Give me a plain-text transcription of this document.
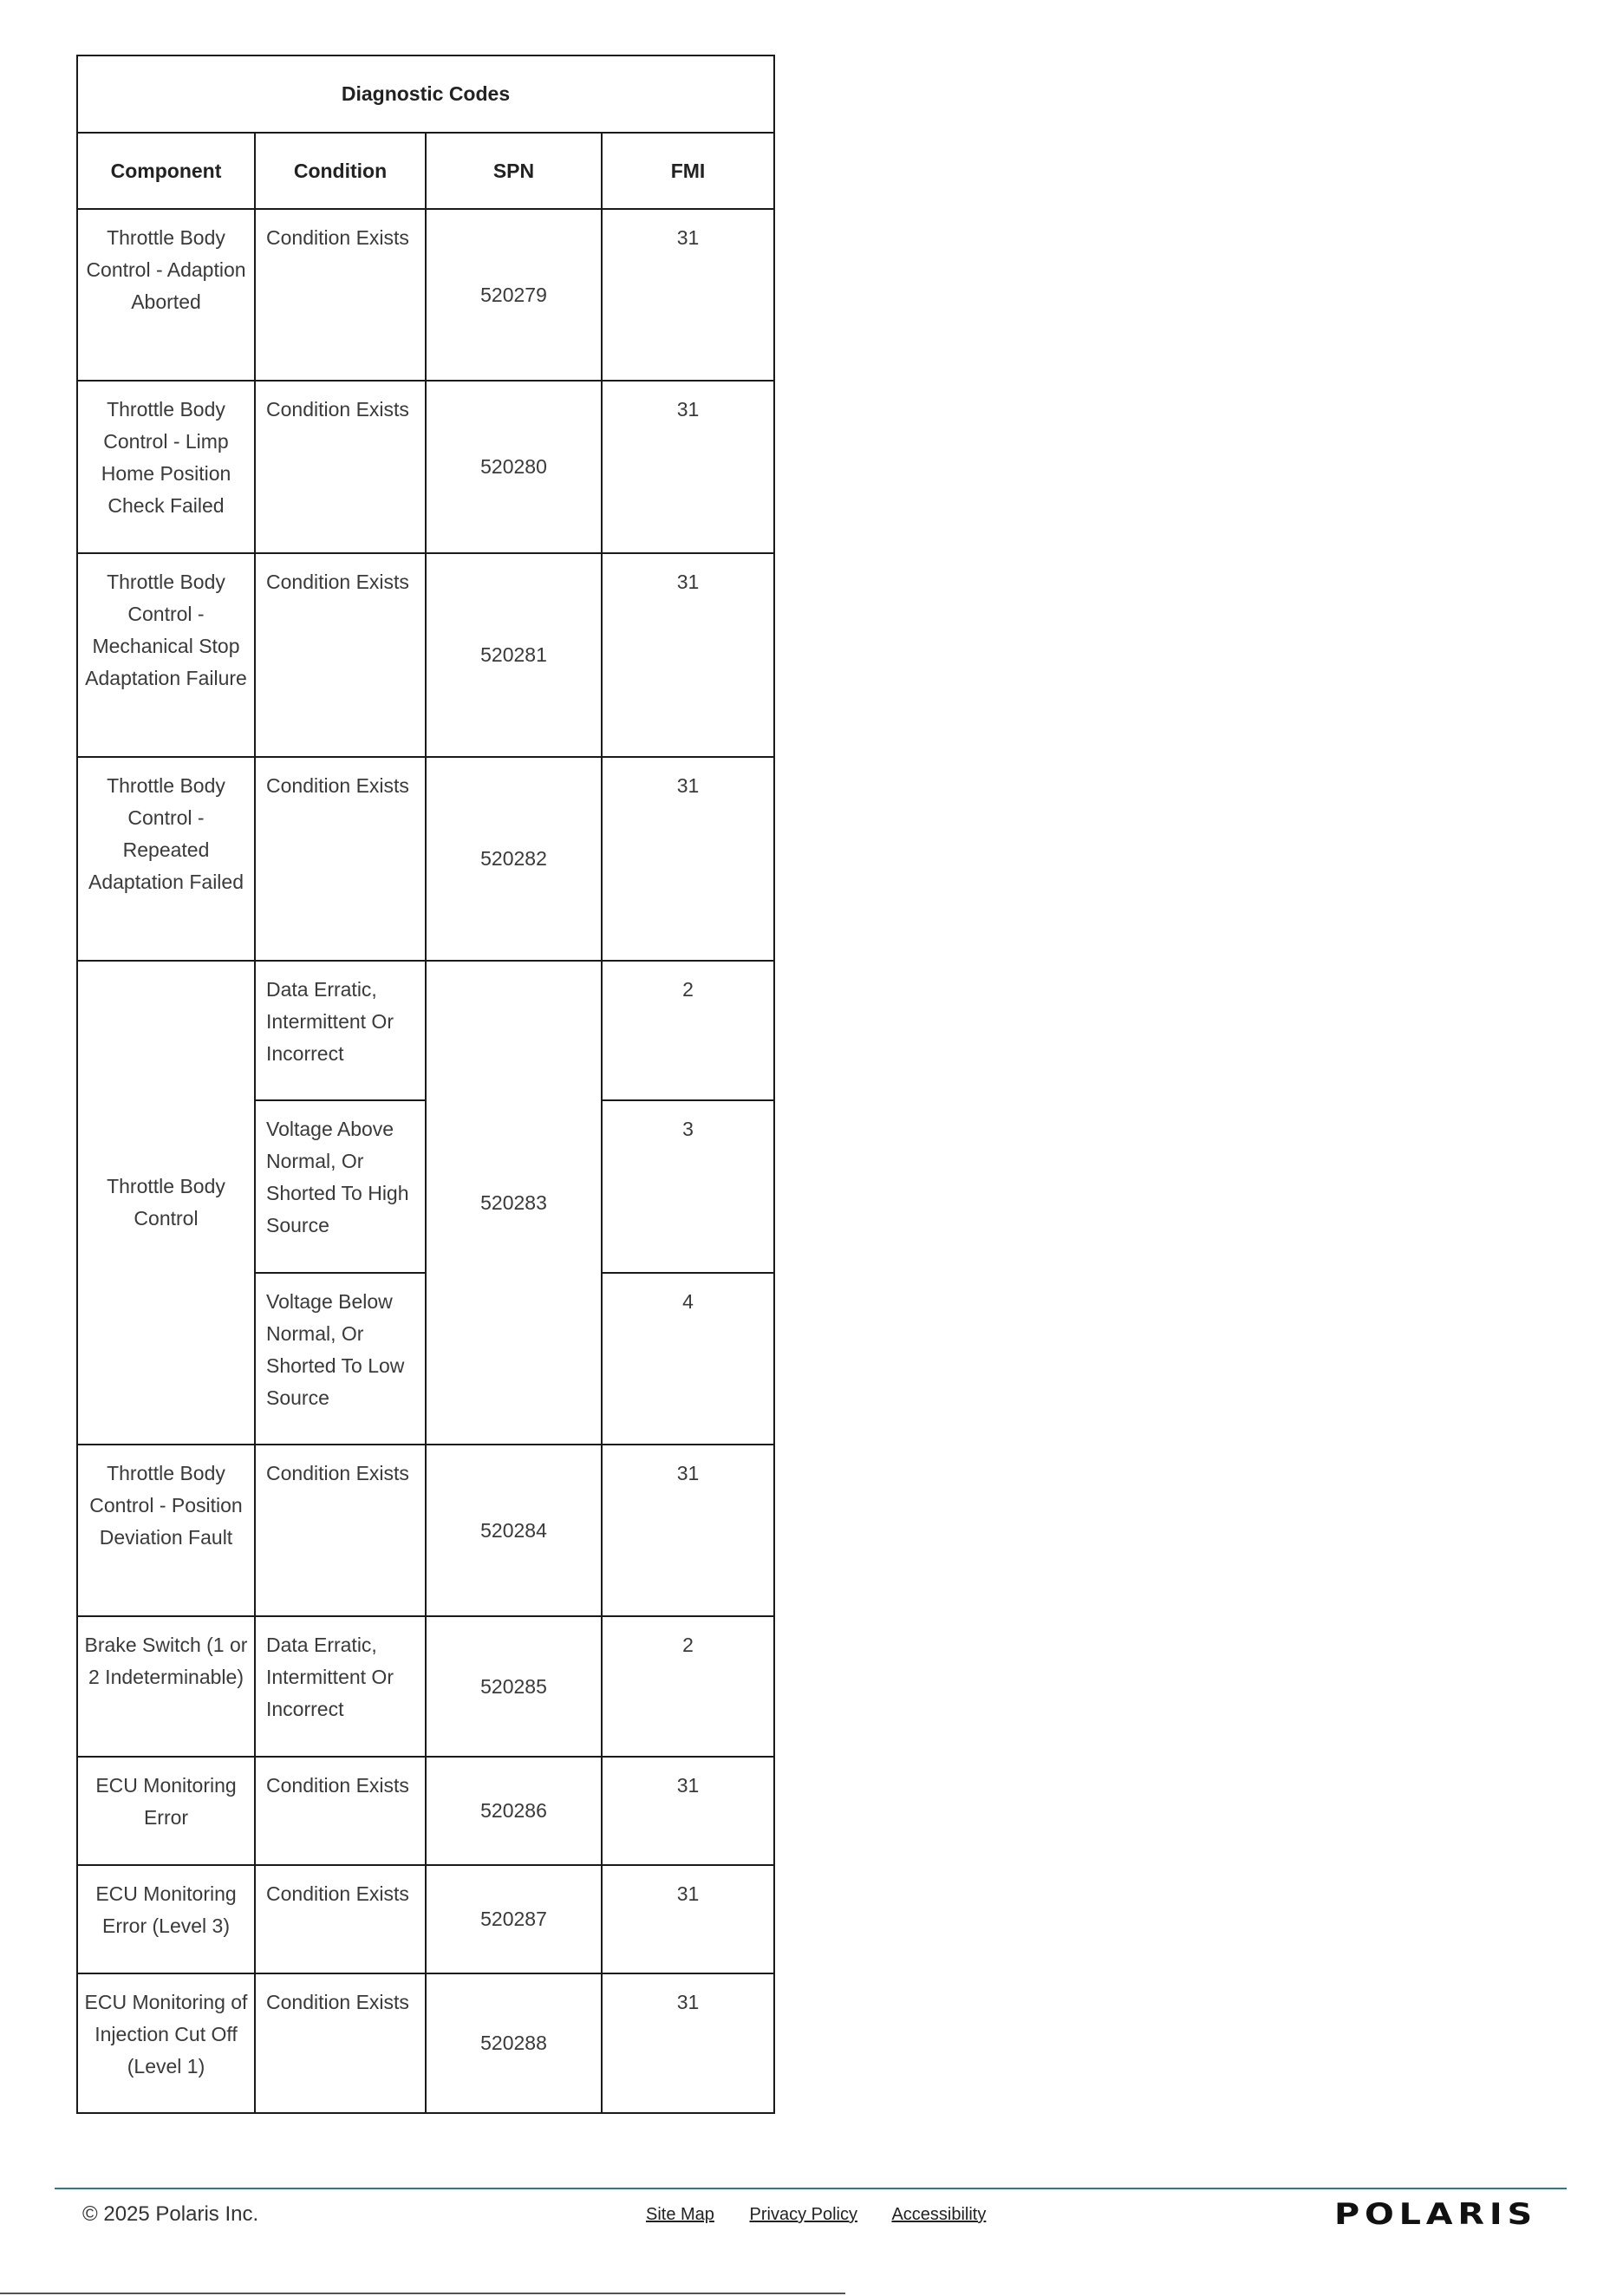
Diagnostic Codes			
Component	Condition	SPN	FMI
Throttle Body Control - Adaption Aborted	Condition Exists	520279	31
Throttle Body Control - Limp Home Position Check Failed	Condition Exists	520280	31
Throttle Body Control - Mechanical Stop Adaptation Failure	Condition Exists	520281	31
Throttle Body Control - Repeated Adaptation Failed	Condition Exists	520282	31
Throttle Body Control	Data Erratic, Intermittent Or Incorrect	520283	2
	Voltage Above Normal, Or Shorted To High Source		3
	Voltage Below Normal, Or Shorted To Low Source		4
Throttle Body Control - Position Deviation Fault	Condition Exists	520284	31
Brake Switch (1 or 2 Indeterminable)	Data Erratic, Intermittent Or Incorrect	520285	2
ECU Monitoring Error	Condition Exists	520286	31
ECU Monitoring Error (Level 3)	Condition Exists	520287	31
ECU Monitoring of Injection Cut Off (Level 1)	Condition Exists	520288	31
© 2025 Polaris Inc.	Site Map Privacy Policy Accessibility	POLARIS
